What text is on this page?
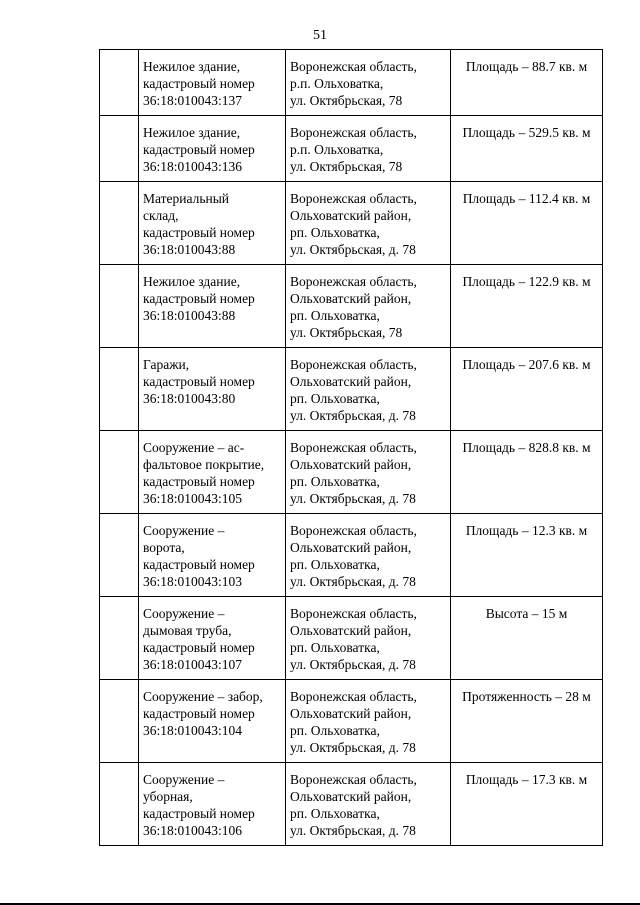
51

	Нежилое здание,
кадастровый номер
36:18:010043:137	Воронежская область,
р.п. Ольховатка,
ул. Октябрьская, 78	Площадь – 88.7 кв. м

	Нежилое здание,
кадастровый номер
36:18:010043:136	Воронежская область,
р.п. Ольховатка,
ул. Октябрьская, 78	Площадь – 529.5 кв. м

	Материальный
склад,
кадастровый номер
36:18:010043:88	Воронежская область,
Ольховатский район,
рп. Ольховатка,
ул. Октябрьская, д. 78	Площадь – 112.4 кв. м

	Нежилое здание,
кадастровый номер
36:18:010043:88	Воронежская область,
Ольховатский район,
рп. Ольховатка,
ул. Октябрьская, 78	Площадь – 122.9 кв. м

	Гаражи,
кадастровый номер
36:18:010043:80	Воронежская область,
Ольховатский район,
рп. Ольховатка,
ул. Октябрьская, д. 78	Площадь – 207.6 кв. м

	Сооружение – ас-
фальтовое покрытие,
кадастровый номер
36:18:010043:105	Воронежская область,
Ольховатский район,
рп. Ольховатка,
ул. Октябрьская, д. 78	Площадь – 828.8 кв. м

	Сооружение –
ворота,
кадастровый номер
36:18:010043:103	Воронежская область,
Ольховатский район,
рп. Ольховатка,
ул. Октябрьская, д. 78	Площадь – 12.3 кв. м

	Сооружение –
дымовая труба,
кадастровый номер
36:18:010043:107	Воронежская область,
Ольховатский район,
рп. Ольховатка,
ул. Октябрьская, д. 78	Высота – 15 м

	Сооружение – забор,
кадастровый номер
36:18:010043:104	Воронежская область,
Ольховатский район,
рп. Ольховатка,
ул. Октябрьская, д. 78	Протяженность – 28 м

	Сооружение –
уборная,
кадастровый номер
36:18:010043:106	Воронежская область,
Ольховатский район,
рп. Ольховатка,
ул. Октябрьская, д. 78	Площадь – 17.3 кв. м
